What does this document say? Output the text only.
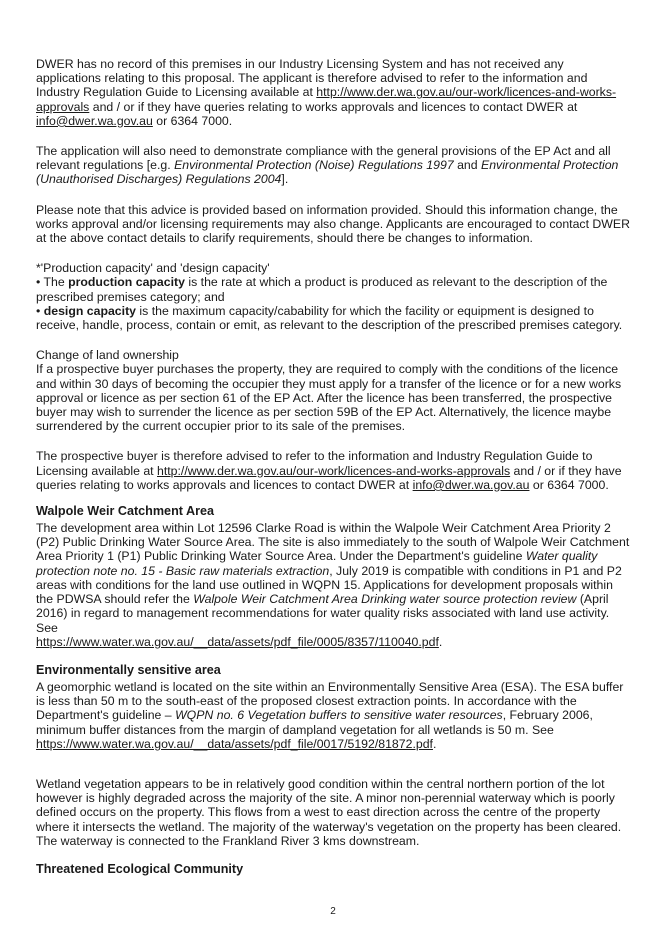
DWER has no record of this premises in our Industry Licensing System and has not received any applications relating to this proposal. The applicant is therefore advised to refer to the information and Industry Regulation Guide to Licensing available at http://www.der.wa.gov.au/our-work/licences-and-works-approvals and / or if they have queries relating to works approvals and licences to contact DWER at info@dwer.wa.gov.au or 6364 7000.

The application will also need to demonstrate compliance with the general provisions of the EP Act and all relevant regulations [e.g. Environmental Protection (Noise) Regulations 1997 and Environmental Protection (Unauthorised Discharges) Regulations 2004].

Please note that this advice is provided based on information provided. Should this information change, the works approval and/or licensing requirements may also change. Applicants are encouraged to contact DWER at the above contact details to clarify requirements, should there be changes to information.

*'Production capacity' and 'design capacity'

• The production capacity is the rate at which a product is produced as relevant to the description of the prescribed premises category; and

• design capacity is the maximum capacity/cabability for which the facility or equipment is designed to receive, handle, process, contain or emit, as relevant to the description of the prescribed premises category.

Change of land ownership

If a prospective buyer purchases the property, they are required to comply with the conditions of the licence and within 30 days of becoming the occupier they must apply for a transfer of the licence or for a new works approval or licence as per section 61 of the EP Act. After the licence has been transferred, the prospective buyer may wish to surrender the licence as per section 59B of the EP Act. Alternatively, the licence maybe surrendered by the current occupier prior to its sale of the premises.

The prospective buyer is therefore advised to refer to the information and Industry Regulation Guide to Licensing available at http://www.der.wa.gov.au/our-work/licences-and-works-approvals and / or if they have queries relating to works approvals and licences to contact DWER at info@dwer.wa.gov.au or 6364 7000.

Walpole Weir Catchment Area

The development area within Lot 12596 Clarke Road is within the Walpole Weir Catchment Area Priority 2 (P2) Public Drinking Water Source Area. The site is also immediately to the south of Walpole Weir Catchment Area Priority 1 (P1) Public Drinking Water Source Area. Under the Department's guideline Water quality protection note no. 15 - Basic raw materials extraction, July 2019 is compatible with conditions in P1 and P2 areas with conditions for the land use outlined in WQPN 15. Applications for development proposals within the PDWSA should refer the Walpole Weir Catchment Area Drinking water source protection review (April 2016) in regard to management recommendations for water quality risks associated with land use activity. See
https://www.water.wa.gov.au/__data/assets/pdf_file/0005/8357/110040.pdf.

Environmentally sensitive area

A geomorphic wetland is located on the site within an Environmentally Sensitive Area (ESA). The ESA buffer is less than 50 m to the south-east of the proposed closest extraction points. In accordance with the Department's guideline – WQPN no. 6 Vegetation buffers to sensitive water resources, February 2006, minimum buffer distances from the margin of dampland vegetation for all wetlands is 50 m. See https://www.water.wa.gov.au/__data/assets/pdf_file/0017/5192/81872.pdf.

Wetland vegetation appears to be in relatively good condition within the central northern portion of the lot however is highly degraded across the majority of the site. A minor non-perennial waterway which is poorly defined occurs on the property. This flows from a west to east direction across the centre of the property where it intersects the wetland. The majority of the waterway's vegetation on the property has been cleared. The waterway is connected to the Frankland River 3 kms downstream.

Threatened Ecological Community
2
